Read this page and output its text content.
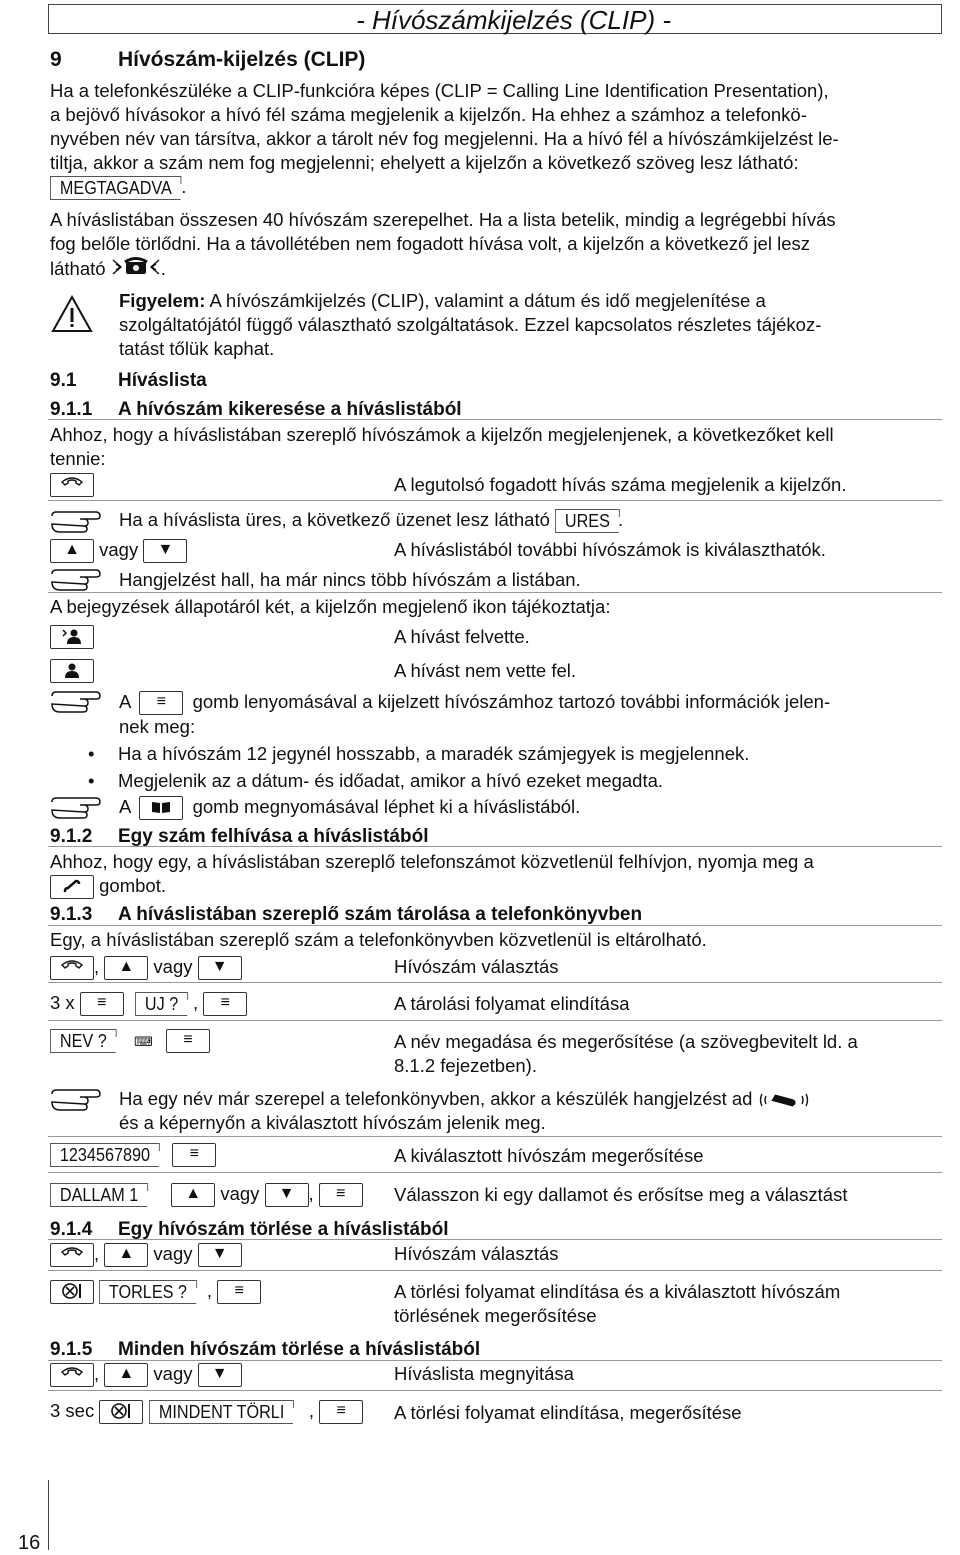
- Hívószámkijelzés (CLIP) -
9	Hívószám-kijelzés (CLIP)
Ha a telefonkészüléke a CLIP-funkcióra képes (CLIP = Calling Line Identification Presentation),
a bejövő hívásokor a hívó fél száma megjelenik a kijelzőn. Ha ehhez a számhoz a telefonkö-
nyvében név van társítva, akkor a tárolt név fog megjelenni. Ha a hívó fél a hívószámkijelzést le-
tiltja, akkor a szám nem fog megjelenni; ehelyett a kijelzőn a következő szöveg lesz látható:
MEGTAGADVA .
A híváslistában összesen 40 hívószám szerepelhet. Ha a lista betelik, mindig a legrégebbi hívás
fog belőle törlődni. Ha a távollétében nem fogadott hívása volt, a kijelzőn a következő jel lesz
látható	.
Figyelem: A hívószámkijelzés (CLIP), valamint a dátum és idő megjelenítése a
szolgáltatójától függő választható szolgáltatások. Ezzel kapcsolatos részletes tájékoz-
tatást tőlük kaphat.
9.1 Híváslista
9.1.1 A hívószám kikeresése a híváslistából
Ahhoz, hogy a híváslistában szereplő hívószámok a kijelzőn megjelenjenek, a következőket kell
tennie:
A legutolsó fogadott hívás száma megjelenik a kijelzőn.
Ha a híváslista üres, a következő üzenet lesz látható URES .
▲ vagy ▼	A híváslistából további hívószámok is kiválaszthatók.
Hangjelzést hall, ha már nincs több hívószám a listában.
A bejegyzések állapotáról két, a kijelzőn megjelenő ikon tájékoztatja:
A hívást felvette.
A hívást nem vette fel.
A ≡ gomb lenyomásával a kijelzett hívószámhoz tartozó további információk jelen-
nek meg:
• Ha a hívószám 12 jegynél hosszabb, a maradék számjegyek is megjelennek.
• Megjelenik az a dátum- és időadat, amikor a hívó ezeket megadta.
A	gomb megnyomásával léphet ki a híváslistából.
9.1.2 Egy szám felhívása a híváslistából
Ahhoz, hogy egy, a híváslistában szereplő telefonszámot közvetlenül felhívjon, nyomja meg a
gombot.
9.1.3 A híváslistában szereplő szám tárolása a telefonkönyvben
Egy, a híváslistában szereplő szám a telefonkönyvben közvetlenül is eltárolható.
, ▲ vagy ▼	Hívószám választás
3 x ≡ UJ ? , ≡	A tárolási folyamat elindítása
NEV ? ⌨ ≡	A név megadása és megerősítése (a szövegbevitelt ld. a
8.1.2 fejezetben).
Ha egy név már szerepel a telefonkönyvben, akkor a készülék hangjelzést ad
és a képernyőn a kiválasztott hívószám jelenik meg.
1234567890 ≡	A kiválasztott hívószám megerősítése
DALLAM 1	▲ vagy ▼ , ≡	Válasszon ki egy dallamot és erősítse meg a választást
9.1.4 Egy hívószám törlése a híváslistából
, ▲ vagy ▼	Hívószám választás
TORLES ? , ≡	A törlési folyamat elindítása és a kiválasztott hívószám
törlésének megerősítése
9.1.5 Minden hívószám törlése a híváslistából
, ▲ vagy ▼	Híváslista megnyitása
3 sec	MINDENT TÖRLI , ≡	A törlési folyamat elindítása, megerősítése
16
